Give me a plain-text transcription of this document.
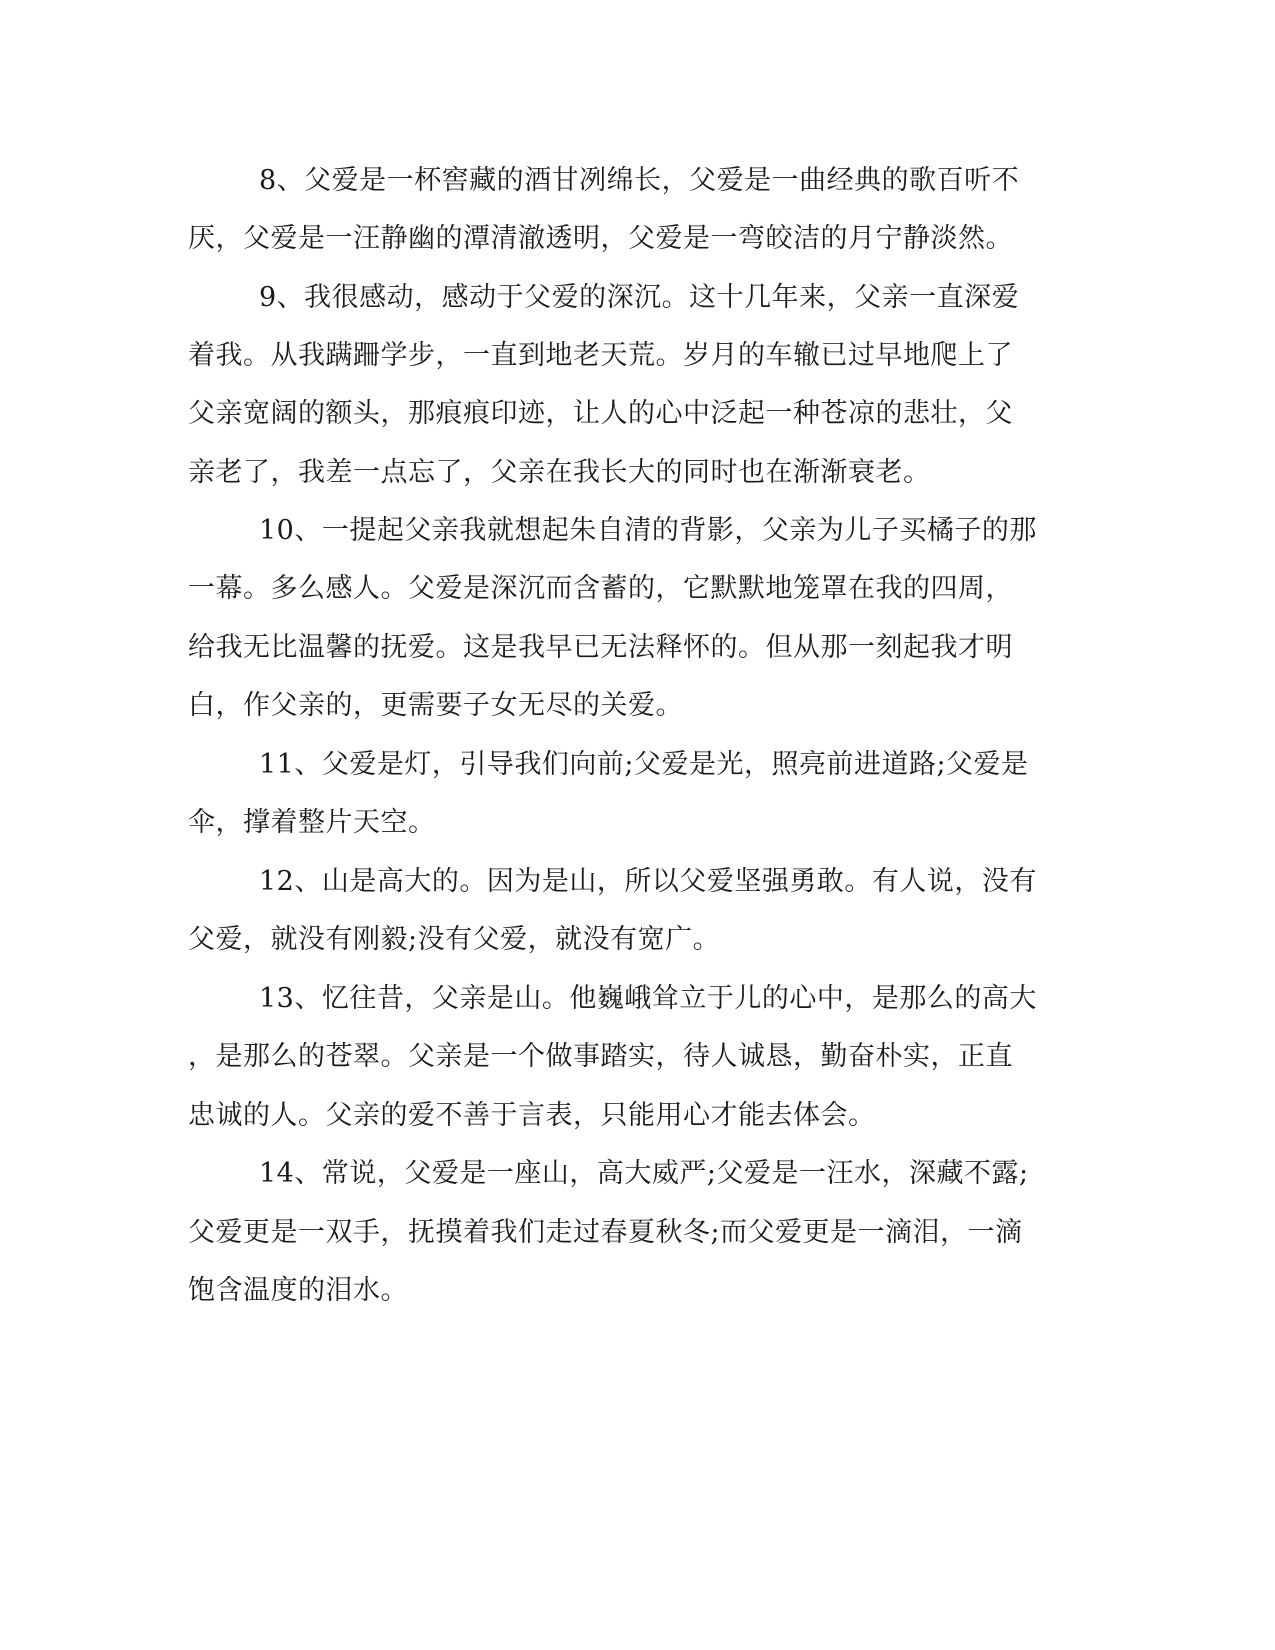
8、父爱是一杯窖藏的酒甘冽绵长，父爱是一曲经典的歌百听不
厌，父爱是一汪静幽的潭清澈透明，父爱是一弯皎洁的月宁静淡然。
9、我很感动，感动于父爱的深沉。这十几年来，父亲一直深爱
着我。从我蹒跚学步，一直到地老天荒。岁月的车辙已过早地爬上了
父亲宽阔的额头，那痕痕印迹，让人的心中泛起一种苍凉的悲壮，父
亲老了，我差一点忘了，父亲在我长大的同时也在渐渐衰老。
10、一提起父亲我就想起朱自清的背影，父亲为儿子买橘子的那
一幕。多么感人。父爱是深沉而含蓄的，它默默地笼罩在我的四周，
给我无比温馨的抚爱。这是我早已无法释怀的。但从那一刻起我才明
白，作父亲的，更需要子女无尽的关爱。
11、父爱是灯，引导我们向前;父爱是光，照亮前进道路;父爱是
伞，撑着整片天空。
12、山是高大的。因为是山，所以父爱坚强勇敢。有人说，没有
父爱，就没有刚毅;没有父爱，就没有宽广。
13、忆往昔，父亲是山。他巍峨耸立于儿的心中，是那么的高大
，是那么的苍翠。父亲是一个做事踏实，待人诚恳，勤奋朴实，正直
忠诚的人。父亲的爱不善于言表，只能用心才能去体会。
14、常说，父爱是一座山，高大威严;父爱是一汪水，深藏不露;
父爱更是一双手，抚摸着我们走过春夏秋冬;而父爱更是一滴泪，一滴
饱含温度的泪水。
